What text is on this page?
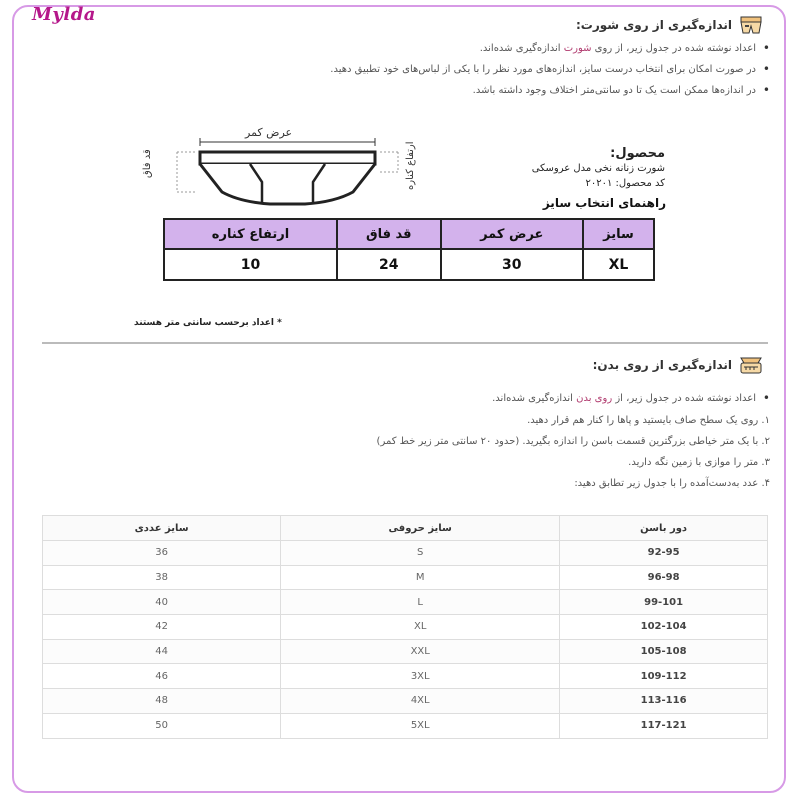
Mylda	اندازه‌گیری از روی شورت:
• اعداد نوشته شده در جدول زیر، از روی شورت اندازه‌گیری شده‌اند.
• در صورت امکان برای انتخاب درست سایز، اندازه‌های مورد نظر را با یکی از لباس‌های خود تطبیق دهید.
• در اندازه‌ها ممکن است یک تا دو سانتی‌متر اختلاف وجود داشته باشد.
عرض کمر
قد فاق	ارتفاع کناره	محصول:
شورت زنانه نخی مدل عروسکی
کد محصول: ۲۰۲۰۱
راهنمای انتخاب سایز
سایز	عرض کمر	قد فاق	ارتفاع کناره
XL	30	24	10
* اعداد برحسب سانتی متر هستند
اندازه‌گیری از روی بدن:
• اعداد نوشته شده در جدول زیر، از روی بدن اندازه‌گیری شده‌اند.
۱. روی یک سطح صاف بایستید و پاها را کنار هم قرار دهید.
۲. با یک متر خیاطی بزرگترین قسمت باسن را اندازه بگیرید. (حدود ۲۰ سانتی متر زیر خط کمر)
۳. متر را موازی با زمین نگه دارید.
۴. عدد به‌دست‌آمده را با جدول زیر تطابق دهید:
دور باسن	سایز حروفی	سایز عددی
92-95	S	36
96-98	M	38
99-101	L	40
102-104	XL	42
105-108	XXL	44
109-112	3XL	46
113-116	4XL	48
117-121	5XL	50
